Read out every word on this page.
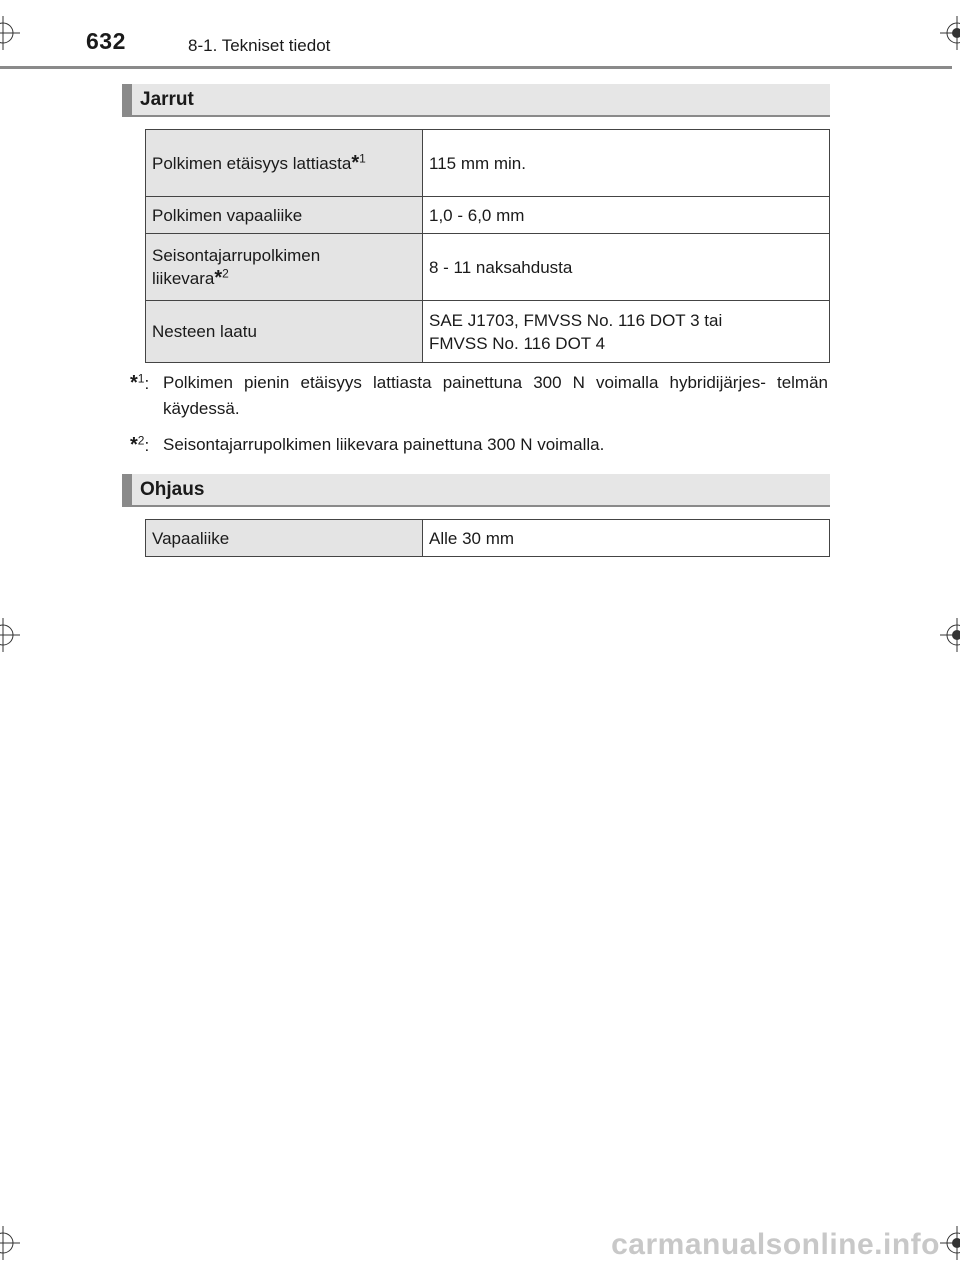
632	8-1. Tekniset tiedot
Jarrut
Polkimen etäisyys lattiasta*$^1$	115 mm min.
Polkimen vapaaliike	1,0 - 6,0 mm
Seisontajarrupolkimen
liikevara*$^2$	8 - 11 naksahdusta
Nesteen laatu	SAE J1703, FMVSS No. 116 DOT 3 tai
FMVSS No. 116 DOT 4
*$^1$: Polkimen pienin etäisyys lattiasta painettuna 300 N voimalla hybridijärjes- telmän käydessä.
*$^2$: Seisontajarrupolkimen liikevara painettuna 300 N voimalla.
Ohjaus
Vapaaliike	Alle 30 mm
carmanualsonline.info
